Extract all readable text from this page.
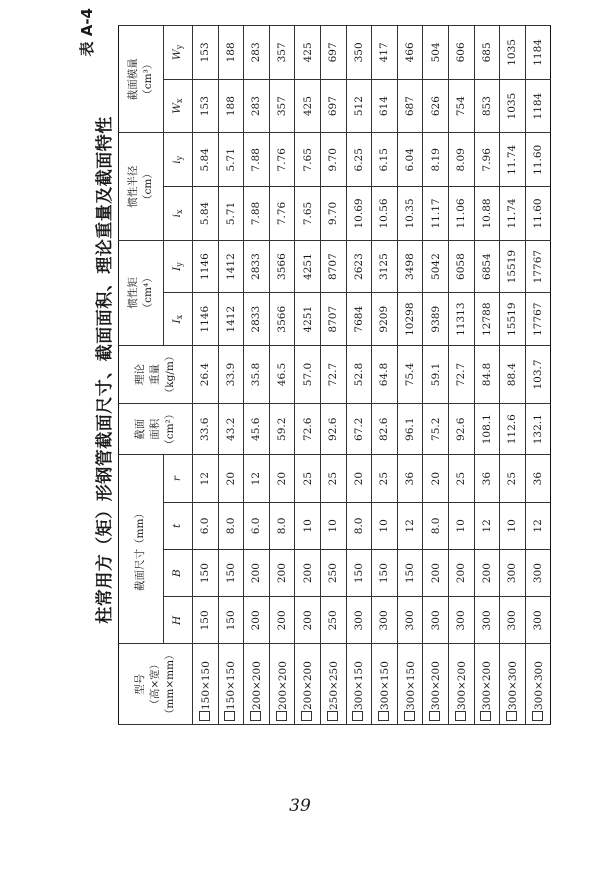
表 A-4
柱常用方（矩）形钢管截面尺寸、截面面积、理论重量及截面特性
型号 （高×宽） （mm×mm）	截面尺寸（mm）				截面 面积 （cm²）	理论 重量 （kg/m）	惯性矩 （cm⁴）		惯性半径 （cm）		截面模量 （cm³）	

	H	B	t	r			$I_x$	$I_y$	$i_x$	$i_y$	$W_x$	$W_y$
150×150	150	150	6.0	12	33.6	26.4	1146	1146	5.84	5.84	153	153
150×150	150	150	8.0	20	43.2	33.9	1412	1412	5.71	5.71	188	188
200×200	200	200	6.0	12	45.6	35.8	2833	2833	7.88	7.88	283	283
200×200	200	200	8.0	20	59.2	46.5	3566	3566	7.76	7.76	357	357
200×200	200	200	10	25	72.6	57.0	4251	4251	7.65	7.65	425	425
250×250	250	250	10	25	92.6	72.7	8707	8707	9.70	9.70	697	697
300×150	300	150	8.0	20	67.2	52.8	7684	2623	10.69	6.25	512	350
300×150	300	150	10	25	82.6	64.8	9209	3125	10.56	6.15	614	417
300×150	300	150	12	36	96.1	75.4	10298	3498	10.35	6.04	687	466
300×200	300	200	8.0	20	75.2	59.1	9389	5042	11.17	8.19	626	504
300×200	300	200	10	25	92.6	72.7	11313	6058	11.06	8.09	754	606
300×200	300	200	12	36	108.1	84.8	12788	6854	10.88	7.96	853	685
300×300	300	300	10	25	112.6	88.4	15519	15519	11.74	11.74	1035	1035
300×300	300	300	12	36	132.1	103.7	17767	17767	11.60	11.60	1184	1184
39
